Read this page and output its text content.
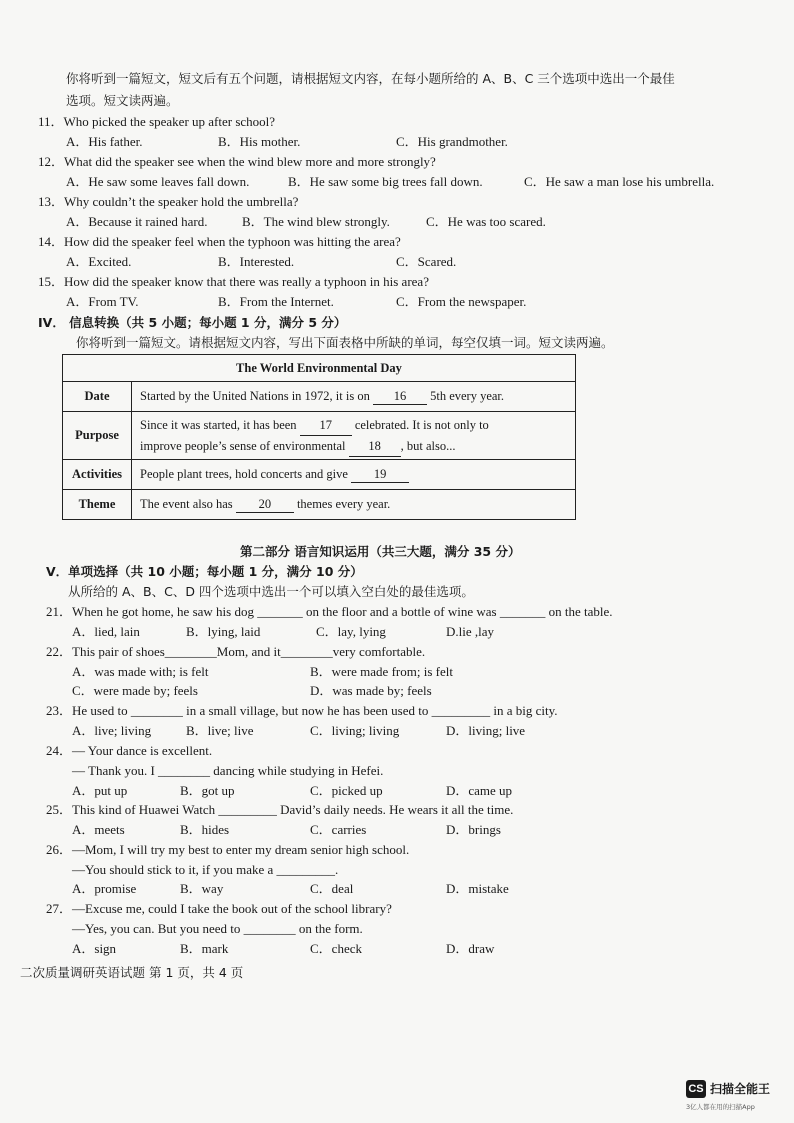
你将听到一篇短文，短文后有五个问题，请根据短文内容，在每小题所给的 A、B、C 三个选项中选出一个最佳
选项。短文读两遍。
11．Who picked the speaker up after school?
A．His father.	B．His mother.	C．His grandmother.
12．What did the speaker see when the wind blew more and more strongly?
A．He saw some leaves fall down.	B．He saw some big trees fall down.	C．He saw a man lose his umbrella.
13．Why couldn’t the speaker hold the umbrella?
A．Because it rained hard.	B．The wind blew strongly.	C．He was too scared.
14．How did the speaker feel when the typhoon was hitting the area?
A．Excited.	B．Interested.	C．Scared.
15．How did the speaker know that there was really a typhoon in his area?
A．From TV.	B．From the Internet.	C．From the newspaper.
IV． 信息转换（共 5 小题；每小题 1 分，满分 5 分）
你将听到一篇短文。请根据短文内容，写出下面表格中所缺的单词，每空仅填一词。短文读两遍。
The World Environmental Day	
Date	Started by the United Nations in 1972, it is on 16 5th every year.
Purpose	Since it was started, it has been 17 celebrated. It is not only to
improve people’s sense of environmental 18 , but also...
Activities	People plant trees, hold concerts and give 19
Theme	The event also has 20 themes every year.
第二部分 语言知识运用（共三大题，满分 35 分）
V．单项选择（共 10 小题；每小题 1 分，满分 10 分）
从所给的 A、B、C、D 四个选项中选出一个可以填入空白处的最佳选项。
21．When he got home, he saw his dog _______ on the floor and a bottle of wine was _______ on the table.
A．lied, lain	B．lying, laid	C．lay, lying	D.lie ,lay
22．This pair of shoes________Mom, and it________very comfortable.
A．was made with; is felt	B．were made from; is felt
C．were made by; feels	D．was made by; feels
23．He used to ________ in a small village, but now he has been used to _________ in a big city.
A．live; living	B．live; live	C．living; living	D．living; live
24．— Your dance is excellent.
— Thank you. I ________ dancing while studying in Hefei.
A．put up	B．got up	C．picked up	D．came up
25．This kind of Huawei Watch _________ David’s daily needs. He wears it all the time.
A．meets	B．hides	C．carries	D．brings
26．—Mom, I will try my best to enter my dream senior high school.
—You should stick to it, if you make a _________.
A．promise	B．way	C．deal	D．mistake
27．—Excuse me, could I take the book out of the school library?
—Yes, you can. But you need to ________ on the form.
A．sign	B．mark	C．check	D．draw
二次质量调研英语试题 第 1 页，共 4 页
CS 扫描全能王
3亿人都在用的扫描App
